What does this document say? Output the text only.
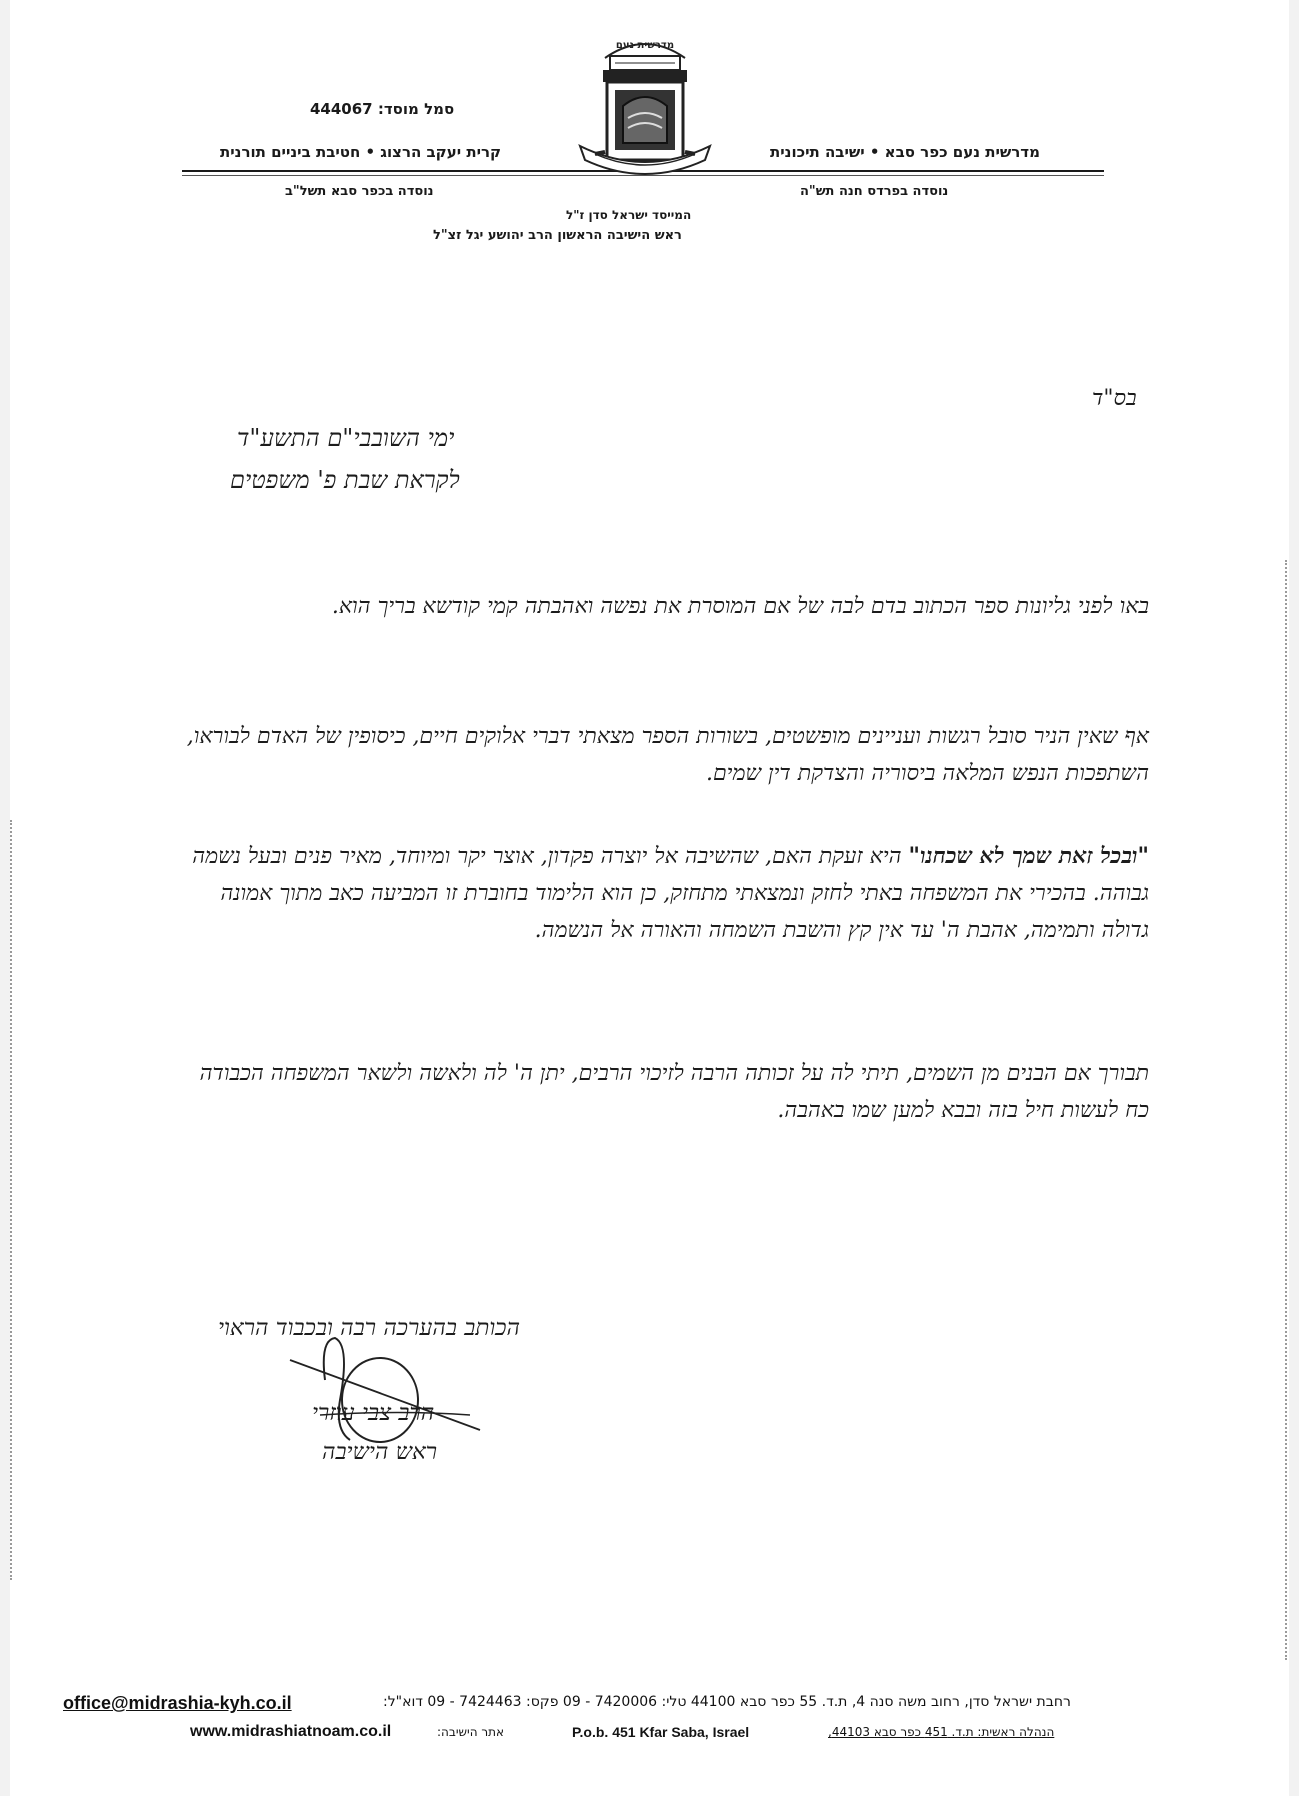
סמל מוסד: 444067
קרית יעקב הרצוג • חטיבת ביניים תורנית	מדרשית נעם כפר סבא • ישיבה תיכונית
מדרשית נעם
נוסדה בכפר סבא תשל"ב	נוסדה בפרדס חנה תש"ה
המייסד ישראל סדן ז"ל
ראש הישיבה הראשון הרב יהושע יגל זצ"ל
בס"ד
ימי השובבי"ם התשע"ד
לקראת שבת פ' משפטים
באו לפני גליונות ספר הכתוב בדם לבה של אם המוסרת את נפשה ואהבתה קמי קודשא בריך הוא.
אף שאין הניר סובל רגשות ועניינים מופשטים, בשורות הספר מצאתי דברי אלוקים חיים, כיסופין של האדם לבוראו, השתפכות הנפש המלאה ביסוריה והצדקת דין שמים.
"ובכל זאת שמך לא שכחנו" היא זעקת האם, שהשיבה אל יוצרה פקדון, אוצר יקר ומיוחד, מאיר פנים ובעל נשמה גבוהה. בהכירי את המשפחה באתי לחזק ונמצאתי מתחזק, כן הוא הלימוד בחוברת זו המביעה כאב מתוך אמונה גדולה ותמימה, אהבת ה' עד אין קץ והשבת השמחה והאורה אל הנשמה.
תבורך אם הבנים מן השמים, תיתי לה על זכותה הרבה לזיכוי הרבים, יתן ה' לה ולאשה ולשאר המשפחה הכבודה כח לעשות חיל בזה ובבא למען שמו באהבה.
הכותב בהערכה רבה ובכבוד הראוי
הרב צבי עוזרי
ראש הישיבה
office@midrashia-kyh.co.il	רחבת ישראל סדן, רחוב משה סנה 4, ת.ד. 55 כפר סבא 44100 טלי: 7420006 - 09 פקס: 7424463 - 09 דוא"ל:
www.midrashiatnoam.co.il	אתר הישיבה:	P.o.b. 451 Kfar Saba, Israel	הנהלה ראשית: ת.ד. 451 כפר סבא 44103,
